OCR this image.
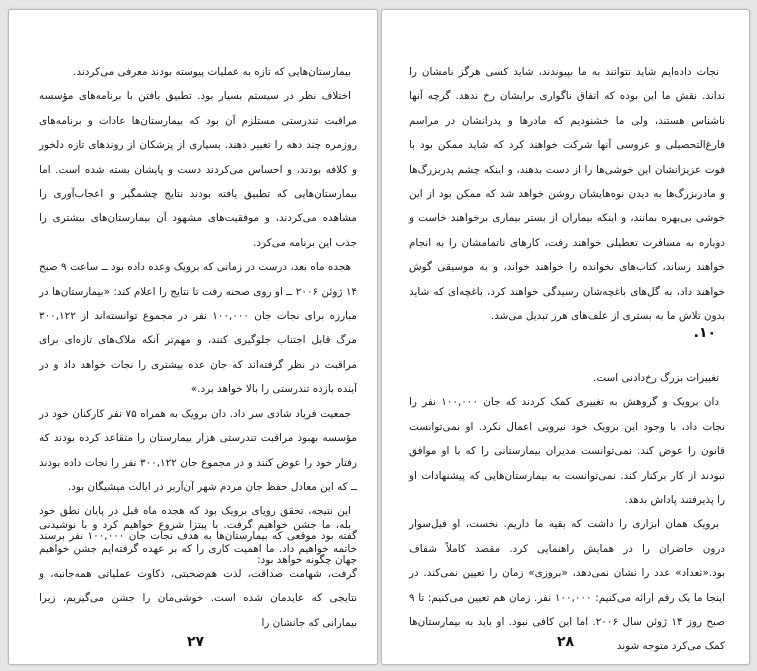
بیمارستان‌هایی که تازه به عملیات پیوسته بودند معرفی می‌کردند.

اختلاف نظر در سیستم بسیار بود. تطبیق یافتن با برنامه‌های مؤسسه مراقبت تندرستی مستلزم آن بود که بیمارستان‌ها عادات و برنامه‌های روزمره چند دهه را تغییر دهند. بسیاری از پزشکان از روندهای تازه دلخور و کلافه بودند، و احساس می‌کردند دست و پایشان بسته شده است. اما بیمارستان‌هایی که تطبیق یافته بودند نتایج چشمگیر و اعجاب‌آوری را مشاهده می‌کردند، و موفقیت‌های مشهود آن بیمارستان‌های بیشتری را جذب این برنامه می‌کرد.

هجده ماه بعد، درست در زمانی که برویک وعده داده بود ــ ساعت ۹ صبح ۱۴ ژوئن ۲۰۰۶ ــ او روی صحنه رفت تا نتایج را اعلام کند: «بیمارستان‌ها در مبارزه برای نجات جان ۱۰۰,۰۰۰ نفر در مجموع توانسته‌اند از ۳۰۰,۱۲۲ مرگ قابل اجتناب جلوگیری کنند، و مهم‌تر آنکه ملاک‌های تازه‌ای برای مراقبت در نظر گرفته‌اند که جان عده بیشتری را نجات خواهد داد و در آینده بازده تندرستی را بالا خواهد برد.»

جمعیت فریاد شادی سر داد. دان برویک به همراه ۷۵ نفر کارکنان خود در مؤسسه بهبود مراقبت تندرستی هزار بیمارستان را متقاعد کرده بودند که رفتار خود را عوض کنند و در مجموع جان ۳۰۰,۱۲۲ نفر را نجات داده بودند ــ که این معادل حفظ جان مردم شهر آن‌آربر در ایالت میشیگان بود.

این نتیجه، تحقق رویای برویک بود که هجده ماه قبل در پایان نطق خود گفته بود موقعی که بیمارستان‌ها به هدف نجات جان ۱۰۰,۰۰۰ نفر برسند جهان چگونه خواهد بود:

بله، ما جشن خواهیم گرفت. با پیتزا شروع خواهیم کرد و با نوشیدنی خاتمه خواهیم داد. ما اهمیت کاری را که بر عهده گرفته‌ایم جشن خواهیم گرفت، شهامت صداقت، لذت هم‌صحبتی، ذکاوت عملیاتی همه‌جانبه، و نتایجی که عایدمان شده است. خوشی‌مان را جشن می‌گیریم، زیرا بیمارانی که جانشان را

۲۷

نجات داده‌ایم شاید نتوانند به ما بپیوندند، شاید کسی هرگز نامشان را نداند. نقش ما این بوده که اتفاق ناگواری برایشان رخ ندهد. گرچه آنها ناشناس هستند، ولی ما خشنودیم که مادرها و پدرانشان در مراسم فارغ‌التحصیلی و عروسی آنها شرکت خواهند کرد که شاید ممکن بود با فوت عزیزانشان این خوشی‌ها را از دست بدهند، و اینکه چشم پدربزرگ‌ها و مادربزرگ‌ها به دیدن نوه‌هایشان روشن خواهد شد که ممکن بود از این خوشی بی‌بهره بمانند، و اینکه بیماران از بستر بیماری برخواهند خاست و دوباره به مسافرت تعطیلی خواهند رفت، کارهای ناتمامشان را به انجام خواهند رساند، کتاب‌های نخوانده را خواهند خواند، و به موسیقی گوش خواهند داد، به گل‌های باغچه‌شان رسیدگی خواهند کرد، باغچه‌ای که شاید بدون تلاش ما به بستری از علف‌های هرز تبدیل می‌شد.

۱۰.

تغییرات بزرگ رخ‌دادنی است.

دان برویک و گروهش به تغییری کمک کردند که جان ۱۰۰,۰۰۰ نفر را نجات داد، با وجود این برویک خود نیرویی اعمال نکرد. او نمی‌توانست قانون را عوض کند. نمی‌توانست مدیران بیمارستانی را که با او موافق نبودند از کار برکنار کند. نمی‌توانست به بیمارستان‌هایی که پیشنهادات او را پذیرفتند پاداش بدهد.

برویک همان ابزاری را داشت که بقیه ما داریم. نخست، او فیل‌سوار درون حاضران را در همایش راهنمایی کرد. مقصد کاملاً شفاف بود.«تعداد» عدد را نشان نمی‌دهد، «بروزی» زمان را تعیین نمی‌کند. در اینجا ما یک رقم ارائه می‌کنیم: ۱۰۰,۰۰۰ نفر. زمان هم تعیین می‌کنیم: تا ۹ صبح روز ۱۴ ژوئن سال ۲۰۰۶. اما این کافی نبود. او باید به بیمارستان‌ها کمک می‌کرد متوجه شوند

۲۸
